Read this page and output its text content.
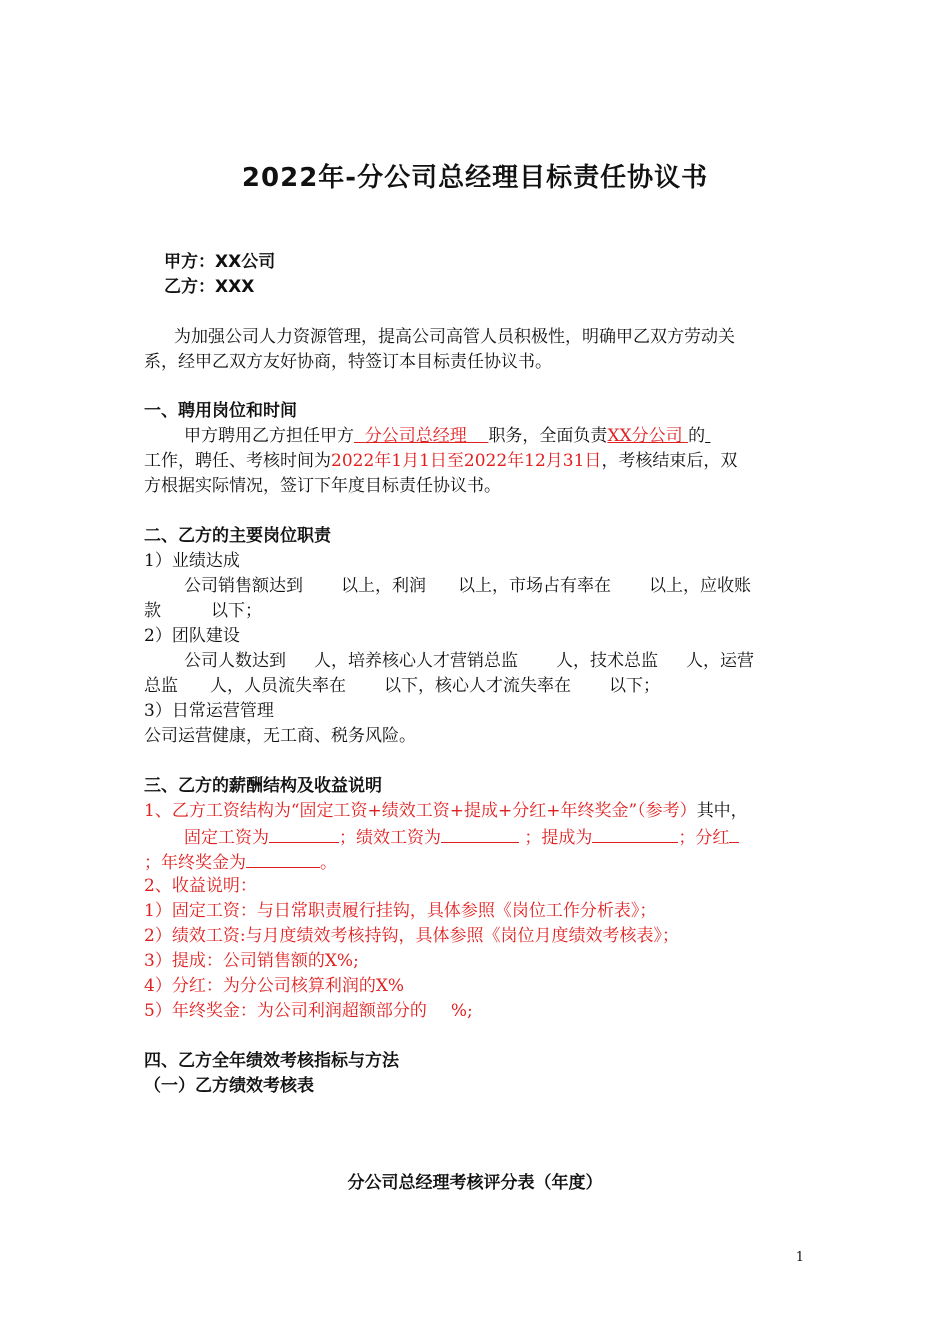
2022年-分公司总经理目标责任协议书
甲方：XX公司
乙方：XXX
为加强公司人力资源管理，提高公司高管人员积极性，明确甲乙双方劳动关
系，经甲乙双方友好协商，特签订本目标责任协议书。
一、聘用岗位和时间
甲方聘用乙方担任甲方 分公司总经理 职务，全面负责XX分公司 的
工作，聘任、考核时间为2022年1月1日至2022年12月31日，考核结束后，双
方根据实际情况，签订下年度目标责任协议书。
二、乙方的主要岗位职责
1）业绩达成
公司销售额达到 以上，利润 以上，市场占有率在 以上，应收账
款	以下；
2）团队建设
公司人数达到 人，培养核心人才营销总监 人，技术总监 人，运营
总监 人，人员流失率在 以下，核心人才流失率在 以下；
3）日常运营管理
公司运营健康，无工商、税务风险。
三、乙方的薪酬结构及收益说明
1、乙方工资结构为“固定工资+绩效工资+提成+分红+年终奖金”（参考）其中，
固定工资为	；绩效工资为	；提成为	；分红
；年终奖金为	。
2、收益说明：
1）固定工资：与日常职责履行挂钩，具体参照《岗位工作分析表》；
2）绩效工资:与月度绩效考核持钩，具体参照《岗位月度绩效考核表》；
3）提成：公司销售额的X%;
4）分红：为分公司核算利润的X%
5）年终奖金：为公司利润超额部分的 %;
四、乙方全年绩效考核指标与方法
（一）乙方绩效考核表
分公司总经理考核评分表（年度）
1
